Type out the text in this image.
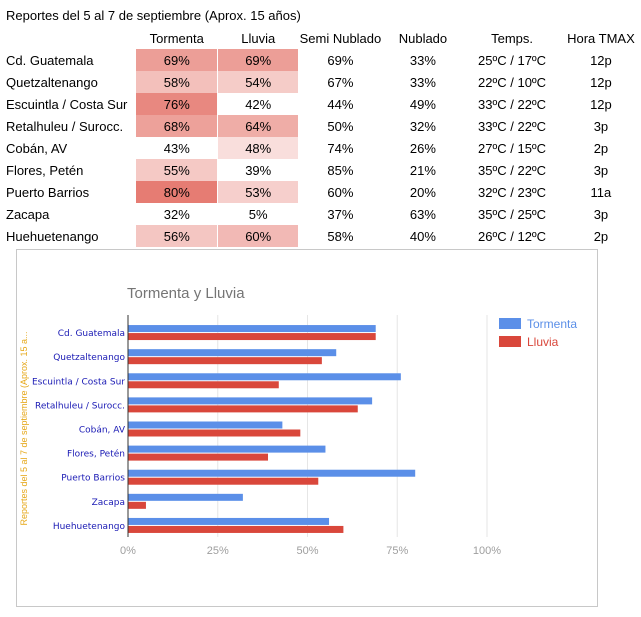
Reportes del 5 al 7 de septiembre (Aprox. 15 años)
	Tormenta	Lluvia	Semi Nublado	Nublado	Temps.	Hora TMAX
Cd. Guatemala	69%	69%	69%	33%	25ºC / 17ºC	12p
Quetzaltenango	58%	54%	67%	33%	22ºC / 10ºC	12p
Escuintla / Costa Sur	76%	42%	44%	49%	33ºC / 22ºC	12p
Retalhuleu / Surocc.	68%	64%	50%	32%	33ºC / 22ºC	3p
Cobán, AV	43%	48%	74%	26%	27ºC / 15ºC	2p
Flores, Petén	55%	39%	85%	21%	35ºC / 22ºC	3p
Puerto Barrios	80%	53%	60%	20%	32ºC / 23ºC	11a
Zacapa	32%	5%	37%	63%	35ºC / 25ºC	3p
Huehuetenango	56%	60%	58%	40%	26ºC / 12ºC	2p
Tormenta y Lluvia
0%	25%	50%	75%	100%
Cd. Guatemala
Quetzaltenango
Escuintla / Costa Sur
Retalhuleu / Surocc.
Cobán, AV
Flores, Petén
Puerto Barrios
Zacapa
Huehuetenango
Reportes del 5 al 7 de septiembre (Aprox. 15 a...
Tormenta
Lluvia
